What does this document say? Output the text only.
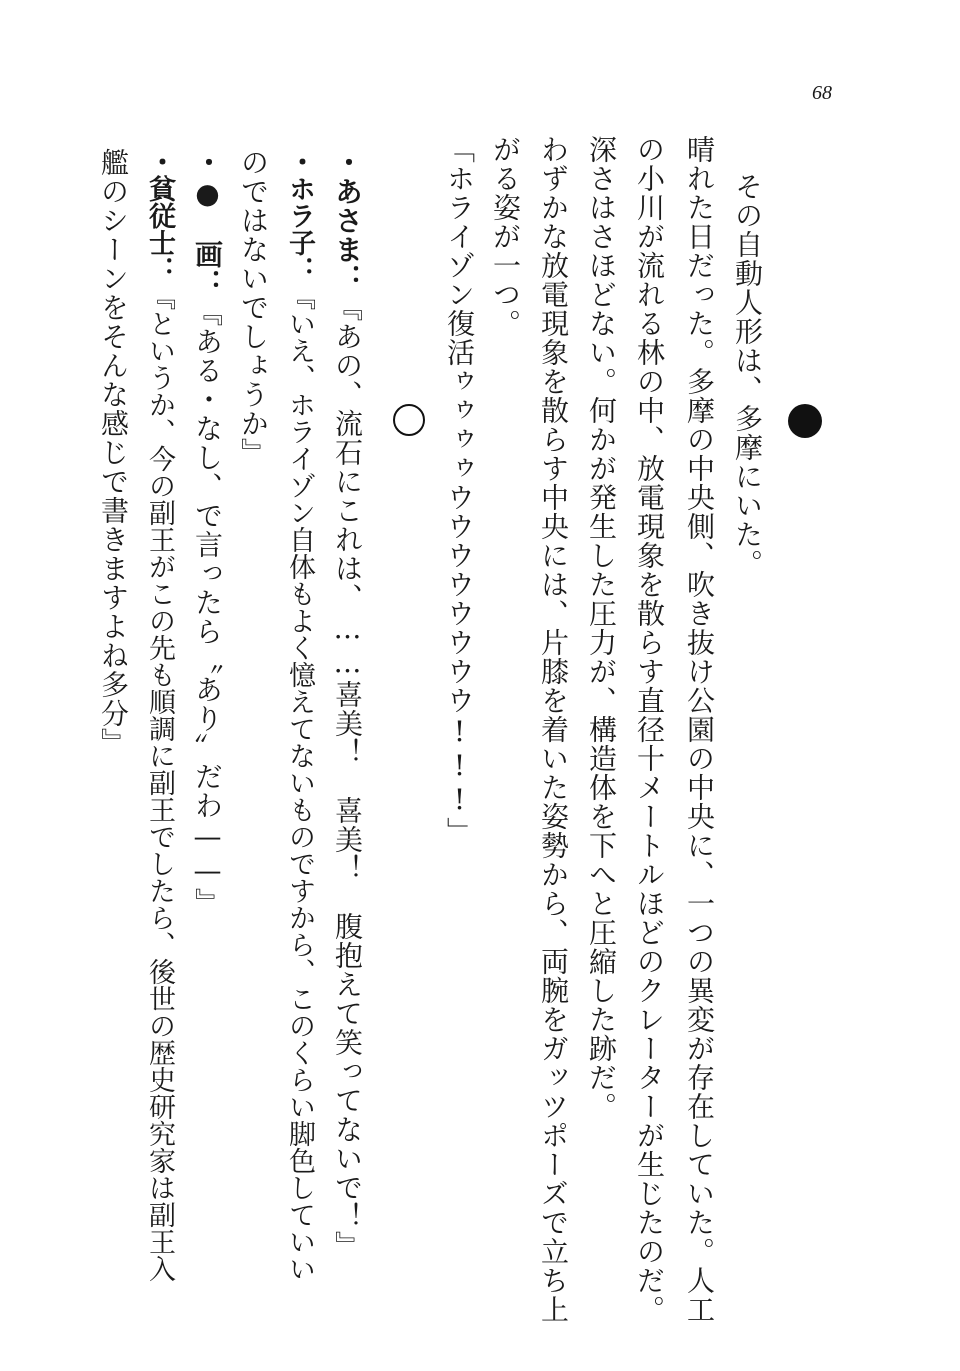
68
その自動人形は、多摩にいた。
晴れた日だった。多摩の中央側、吹き抜け公園の中央に、一つの異変が存在していた。人工
の小川が流れる林の中、放電現象を散らす直径十メートルほどのクレーターが生じたのだ。
深さはさほどない。何かが発生した圧力が、構造体を下へと圧縮した跡だ。
わずかな放電現象を散らす中央には、片膝を着いた姿勢から、両腕をガッツポーズで立ち上
がる姿が一つ。
「ホライゾン復活ゥゥゥゥウウウウウウウウ!!!」
・あさま：『あの、流石にこれは、……喜美！　喜美！　腹抱えて笑ってないで！』
・ホラ子：『いえ、ホライゾン自体もよく憶えてないものですから、このくらい脚色していい
のではないでしょうか』
・●　画：『ある・なし、で言ったら〝あり〟だわ——』
・貧従士：『というか、今の副王がこの先も順調に副王でしたら、後世の歴史研究家は副王入
艦のシーンをそんな感じで書きますよね多分』
